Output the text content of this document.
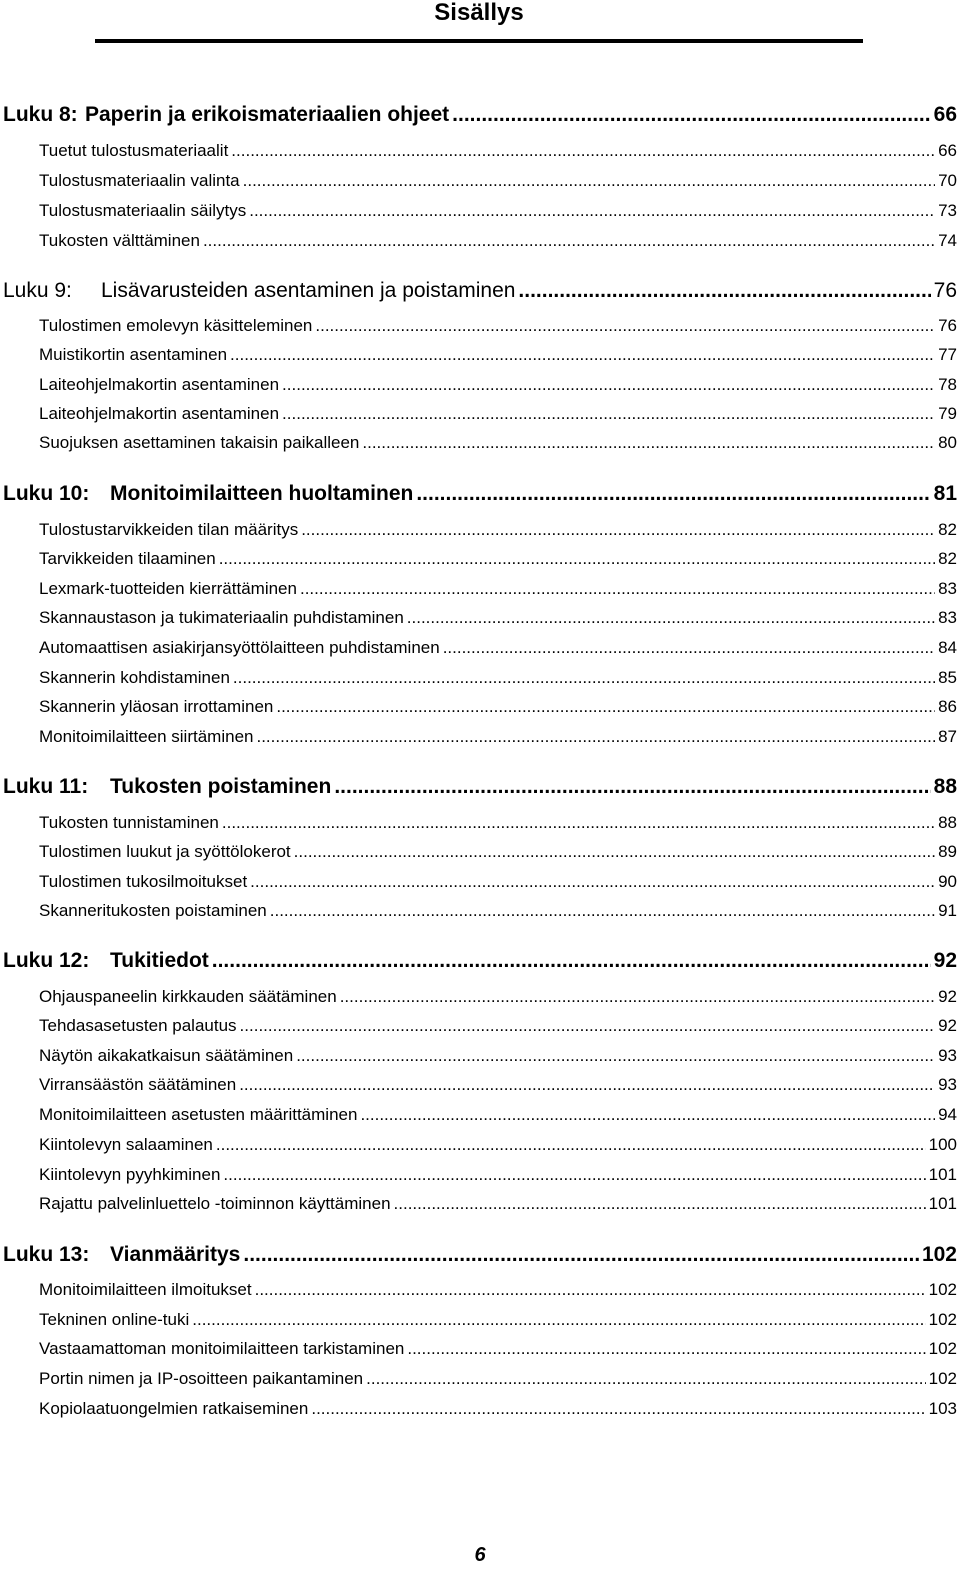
Sisällys
Luku 8: Paperin ja erikoismateriaalien ohjeet .....	66
Tuetut tulostusmateriaalit .....	66
Tulostusmateriaalin valinta .....	70
Tulostusmateriaalin säilytys .....	73
Tukosten välttäminen .....	74
Luku 9: Lisävarusteiden asentaminen ja poistaminen .....	76
Tulostimen emolevyn käsitteleminen .....	76
Muistikortin asentaminen .....	77
Laiteohjelmakortin asentaminen .....	78
Laiteohjelmakortin asentaminen .....	79
Suojuksen asettaminen takaisin paikalleen .....	80
Luku 10: Monitoimilaitteen huoltaminen .....	81
Tulostustarvikkeiden tilan määritys .....	82
Tarvikkeiden tilaaminen .....	82
Lexmark-tuotteiden kierrättäminen .....	83
Skannaustason ja tukimateriaalin puhdistaminen .....	83
Automaattisen asiakirjansyöttölaitteen puhdistaminen .....	84
Skannerin kohdistaminen .....	85
Skannerin yläosan irrottaminen .....	86
Monitoimilaitteen siirtäminen .....	87
Luku 11: Tukosten poistaminen .....	88
Tukosten tunnistaminen .....	88
Tulostimen luukut ja syöttölokerot .....	89
Tulostimen tukosilmoitukset .....	90
Skanneritukosten poistaminen .....	91
Luku 12: Tukitiedot .....	92
Ohjauspaneelin kirkkauden säätäminen .....	92
Tehdasasetusten palautus .....	92
Näytön aikakatkaisun säätäminen .....	93
Virransäästön säätäminen .....	93
Monitoimilaitteen asetusten määrittäminen .....	94
Kiintolevyn salaaminen .....	100
Kiintolevyn pyyhkiminen .....	101
Rajattu palvelinluettelo -toiminnon käyttäminen .....	101
Luku 13: Vianmääritys .....	102
Monitoimilaitteen ilmoitukset .....	102
Tekninen online-tuki .....	102
Vastaamattoman monitoimilaitteen tarkistaminen .....	102
Portin nimen ja IP-osoitteen paikantaminen .....	102
Kopiolaatuongelmien ratkaiseminen .....	103
6
